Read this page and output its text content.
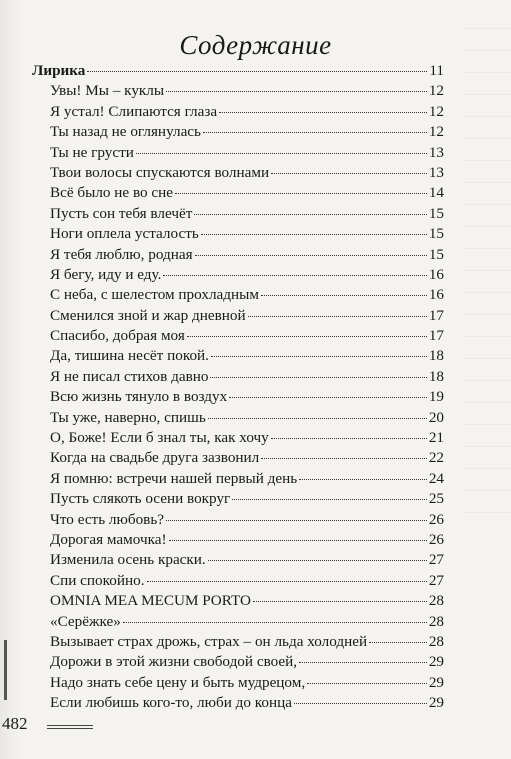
Содержание
Лирика	11
Увы! Мы – куклы	12
Я устал! Слипаются глаза	12
Ты назад не оглянулась	12
Ты не грусти	13
Твои волосы спускаются волнами	13
Всё было не во сне	14
Пусть сон тебя влечёт	15
Ноги оплела усталость	15
Я тебя люблю, родная	15
Я бегу, иду и еду.	16
С неба, с шелестом прохладным	16
Сменился зной и жар дневной	17
Спасибо, добрая моя	17
Да, тишина несёт покой.	18
Я не писал стихов давно	18
Всю жизнь тянуло в воздух	19
Ты уже, наверно, спишь	20
О, Боже! Если б знал ты, как хочу	21
Когда на свадьбе друга зазвонил	22
Я помню: встречи нашей первый день	24
Пусть слякоть осени вокруг	25
Что есть любовь?	26
Дорогая мамочка!	26
Изменила осень краски.	27
Спи спокойно.	27
OMNIA MEA MECUM PORTO	28
«Серёжке»	28
Вызывает страх дрожь, страх – он льда холодней	28
Дорожи в этой жизни свободой своей,	29
Надо знать себе цену и быть мудрецом,	29
Если любишь кого-то, люби до конца	29
482
